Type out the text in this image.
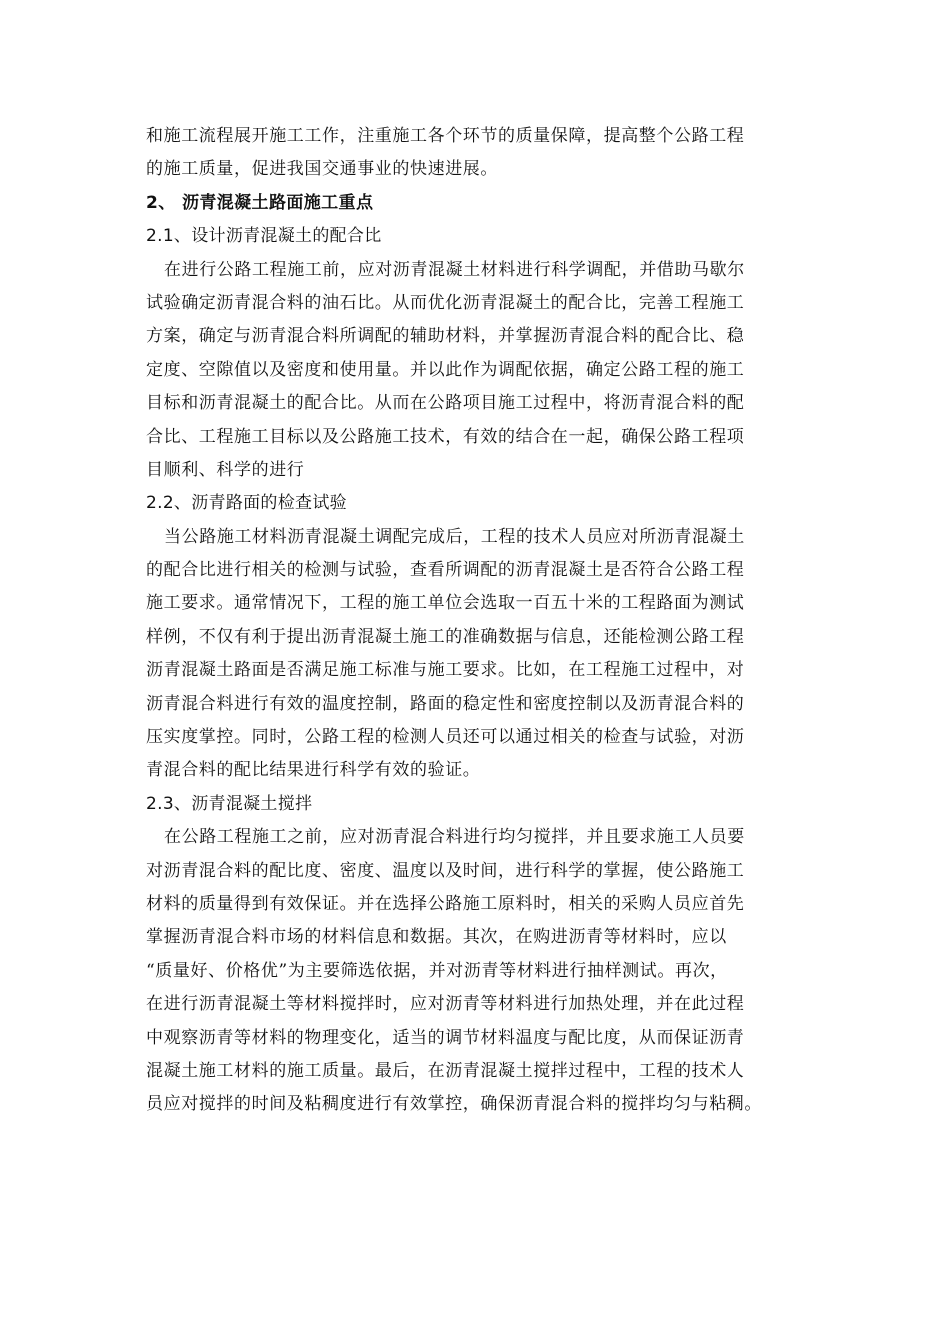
和施工流程展开施工工作，注重施工各个环节的质量保障，提高整个公路工程
的施工质量，促进我国交通事业的快速进展。
2、 沥青混凝土路面施工重点
2.1、设计沥青混凝土的配合比
在进行公路工程施工前，应对沥青混凝土材料进行科学调配，并借助马歇尔
试验确定沥青混合料的油石比。从而优化沥青混凝土的配合比，完善工程施工
方案，确定与沥青混合料所调配的辅助材料，并掌握沥青混合料的配合比、稳
定度、空隙值以及密度和使用量。并以此作为调配依据，确定公路工程的施工
目标和沥青混凝土的配合比。从而在公路项目施工过程中，将沥青混合料的配
合比、工程施工目标以及公路施工技术，有效的结合在一起，确保公路工程项
目顺利、科学的进行
2.2、沥青路面的检查试验
当公路施工材料沥青混凝土调配完成后，工程的技术人员应对所沥青混凝土
的配合比进行相关的检测与试验，查看所调配的沥青混凝土是否符合公路工程
施工要求。通常情况下，工程的施工单位会选取一百五十米的工程路面为测试
样例，不仅有利于提出沥青混凝土施工的准确数据与信息，还能检测公路工程
沥青混凝土路面是否满足施工标准与施工要求。比如，在工程施工过程中，对
沥青混合料进行有效的温度控制，路面的稳定性和密度控制以及沥青混合料的
压实度掌控。同时，公路工程的检测人员还可以通过相关的检查与试验，对沥
青混合料的配比结果进行科学有效的验证。
2.3、沥青混凝土搅拌
在公路工程施工之前，应对沥青混合料进行均匀搅拌，并且要求施工人员要
对沥青混合料的配比度、密度、温度以及时间，进行科学的掌握，使公路施工
材料的质量得到有效保证。并在选择公路施工原料时，相关的采购人员应首先
掌握沥青混合料市场的材料信息和数据。其次，在购进沥青等材料时，应以
“质量好、价格优”为主要筛选依据，并对沥青等材料进行抽样测试。再次，
在进行沥青混凝土等材料搅拌时，应对沥青等材料进行加热处理，并在此过程
中观察沥青等材料的物理变化，适当的调节材料温度与配比度，从而保证沥青
混凝土施工材料的施工质量。最后，在沥青混凝土搅拌过程中，工程的技术人
员应对搅拌的时间及粘稠度进行有效掌控，确保沥青混合料的搅拌均匀与粘稠。
